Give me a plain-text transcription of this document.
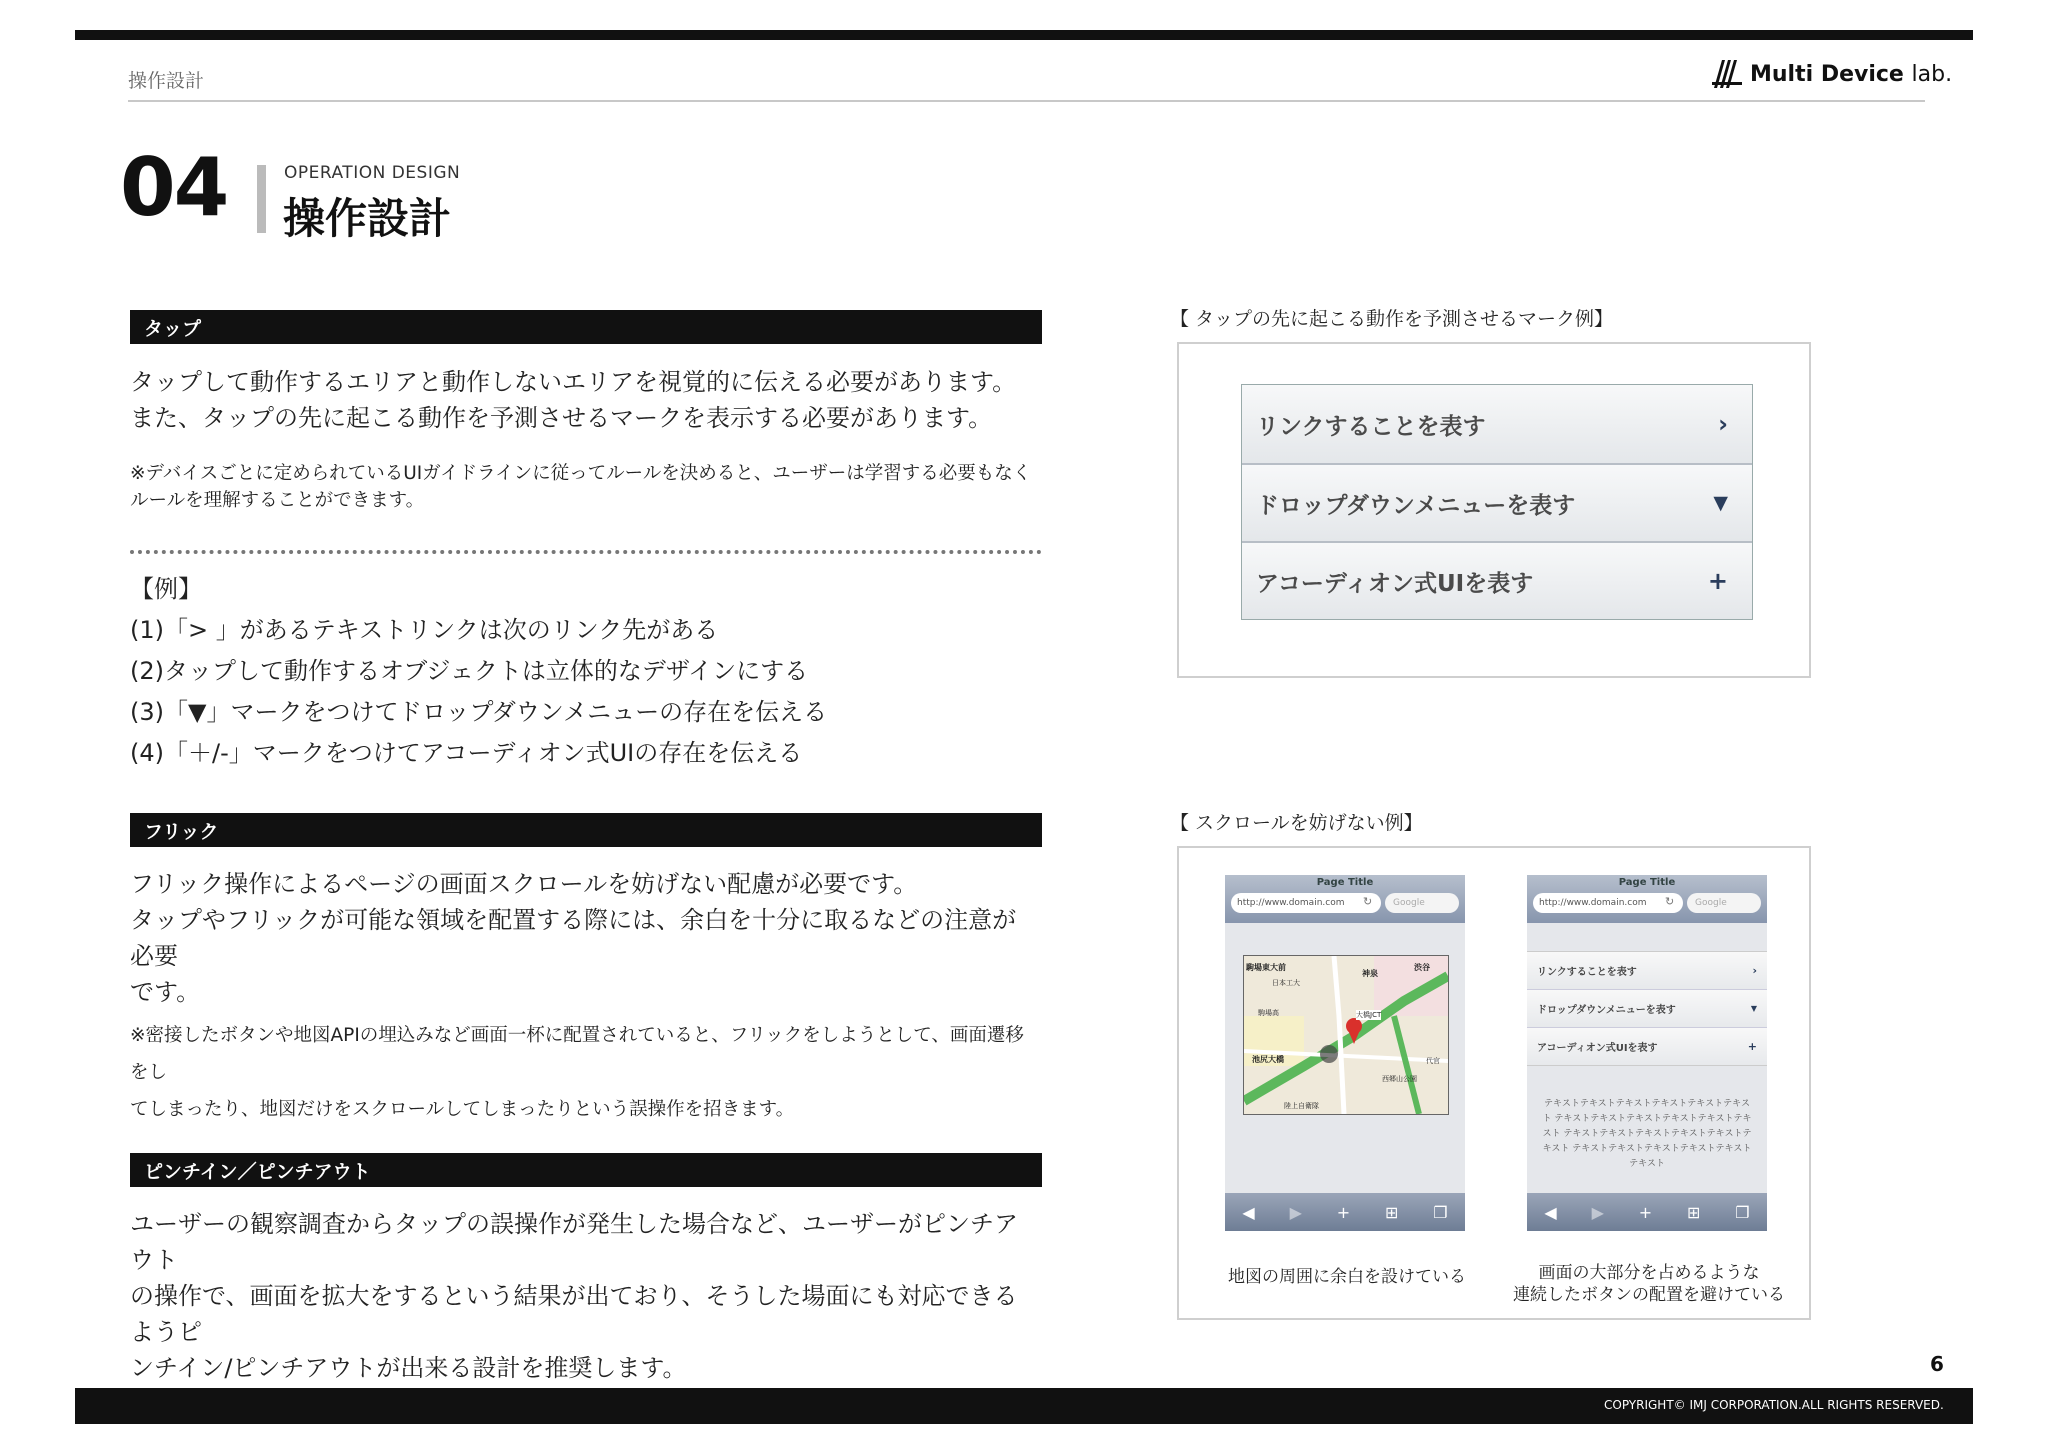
操作設計	Multi Device lab.
04	OPERATION DESIGN
操作設計
タップ
タップして動作するエリアと動作しないエリアを視覚的に伝える必要があります。
また、タップの先に起こる動作を予測させるマークを表示する必要があります。
※デバイスごとに定められているUIガイドラインに従ってルールを決めると、ユーザーは学習する必要もなく
ルールを理解することができます。
【例】
(1)「> 」があるテキストリンクは次のリンク先がある
(2)タップして動作するオブジェクトは立体的なデザインにする
(3)「▼」マークをつけてドロップダウンメニューの存在を伝える
(4)「＋/-」マークをつけてアコーディオン式UIの存在を伝える
フリック
フリック操作によるページの画面スクロールを妨げない配慮が必要です。
タップやフリックが可能な領域を配置する際には、余白を十分に取るなどの注意が必要
です。
※密接したボタンや地図APIの埋込みなど画面一杯に配置されていると、フリックをしようとして、画面遷移をし
てしまったり、地図だけをスクロールしてしまったりという誤操作を招きます。
ピンチイン／ピンチアウト
ユーザーの観察調査からタップの誤操作が発生した場合など、ユーザーがピンチアウト
の操作で、画面を拡大をするという結果が出ており、そうした場面にも対応できるようピ
ンチイン/ピンチアウトが出来る設計を推奨します。
【 タップの先に起こる動作を予測させるマーク例】
リンクすることを表す	›
ドロップダウンメニューを表す	▼
アコーディオン式UIを表す	+
【 スクロールを妨げない例】
Page Title
http://www.domain.com	↻	Google
駒場東大前
神泉
渋谷
日本工大
駒場高
池尻大橋
大橋JCT
西郷山公園
代官
陸上自衛隊
◀ ▶ + ⊞ ❐
地図の周囲に余白を設けている
Page Title
http://www.domain.com	↻	Google
リンクすることを表す	›
ドロップダウンメニューを表す	▼
アコーディオン式UIを表す	+
テキストテキストテキストテキストテキストテキスト テキストテキストテキストテキストテキストテキスト テキストテキストテキストテキストテキストテキスト テキストテキストテキストテキストテキストテキスト
◀ ▶ + ⊞ ❐
画面の大部分を占めるような
連続したボタンの配置を避けている
6
COPYRIGHT© IMJ CORPORATION.ALL RIGHTS RESERVED.
